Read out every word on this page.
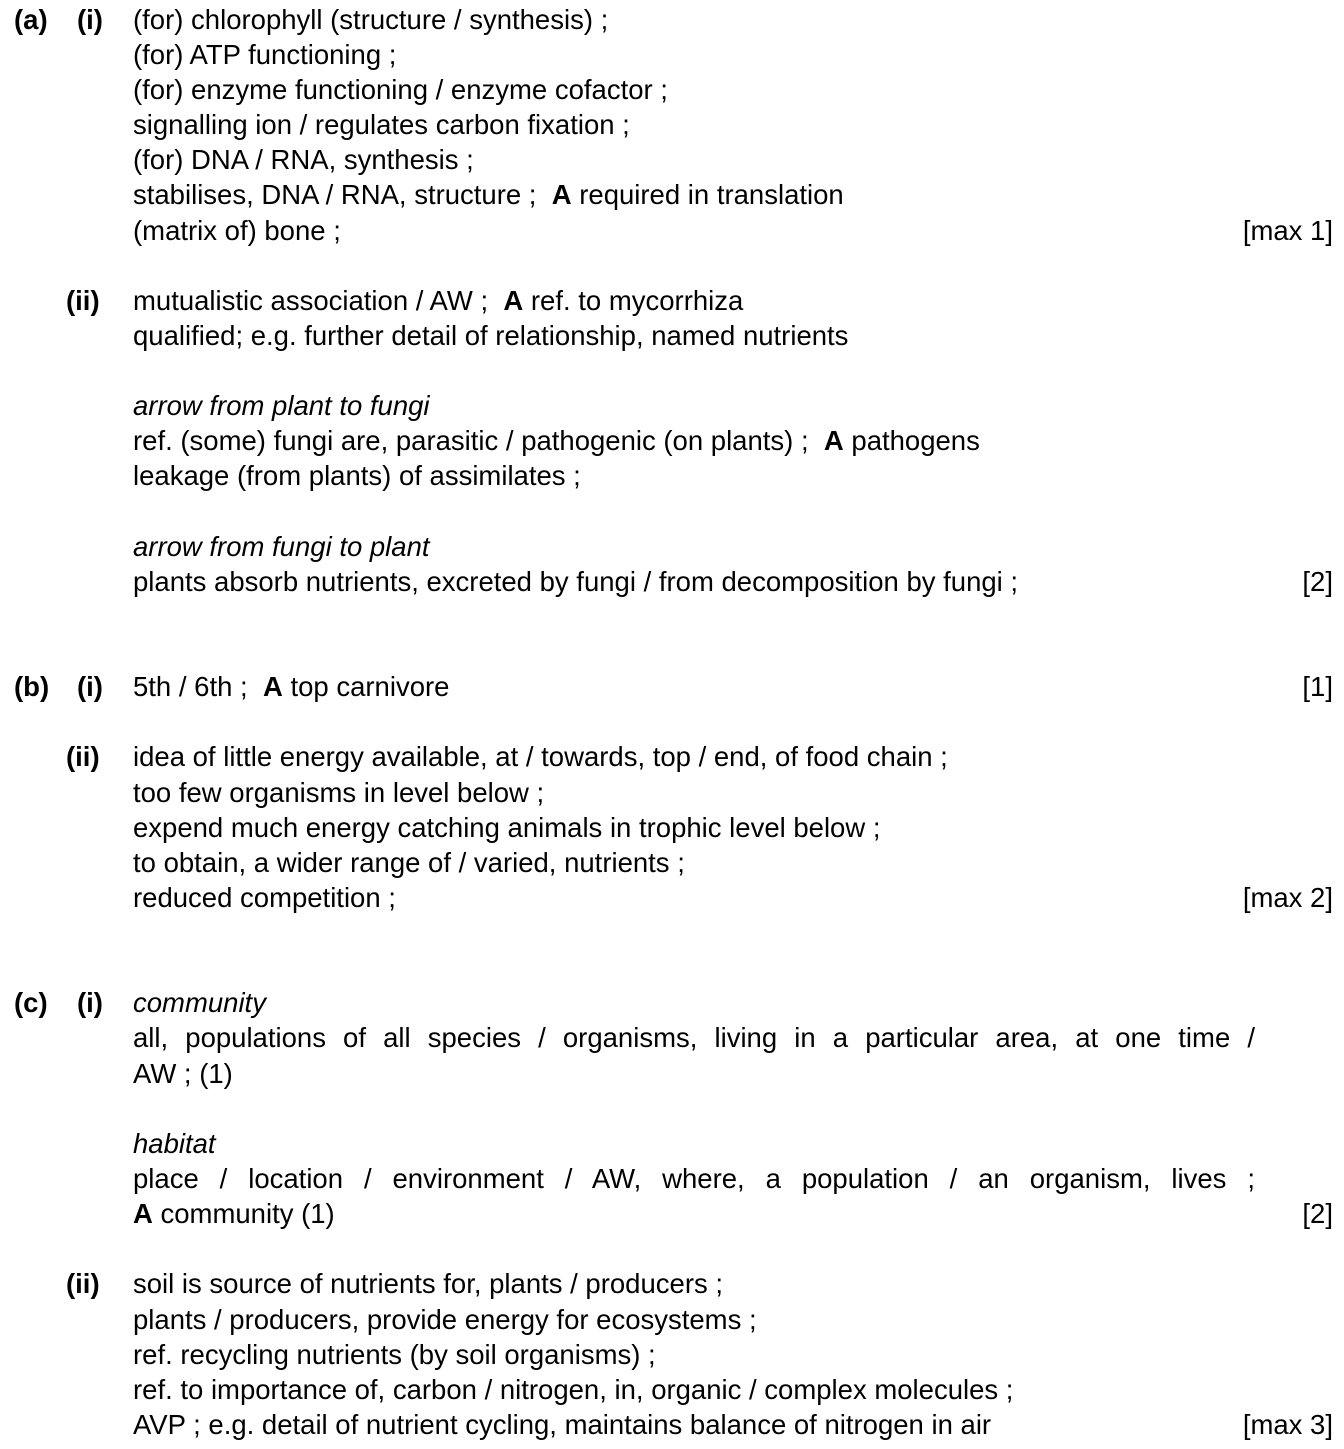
(a) (i) (for) chlorophyll (structure / synthesis) ;
(for) ATP functioning ;
(for) enzyme functioning / enzyme cofactor ;
signalling ion / regulates carbon fixation ;
(for) DNA / RNA, synthesis ;
stabilises, DNA / RNA, structure ; A required in translation
(matrix of) bone ;	[max 1]
(ii) mutualistic association / AW ; A ref. to mycorrhiza
qualified; e.g. further detail of relationship, named nutrients
arrow from plant to fungi
ref. (some) fungi are, parasitic / pathogenic (on plants) ; A pathogens
leakage (from plants) of assimilates ;
arrow from fungi to plant
plants absorb nutrients, excreted by fungi / from decomposition by fungi ;	[2]
(b) (i) 5th / 6th ; A top carnivore	[1]
(ii) idea of little energy available, at / towards, top / end, of food chain ;
too few organisms in level below ;
expend much energy catching animals in trophic level below ;
to obtain, a wider range of / varied, nutrients ;
reduced competition ;	[max 2]
(c) (i) community
all, populations of all species / organisms, living in a particular area, at one time /
AW ; (1)
habitat
place / location / environment / AW, where, a population / an organism, lives ;
A community (1)	[2]
(ii) soil is source of nutrients for, plants / producers ;
plants / producers, provide energy for ecosystems ;
ref. recycling nutrients (by soil organisms) ;
ref. to importance of, carbon / nitrogen, in, organic / complex molecules ;
AVP ; e.g. detail of nutrient cycling, maintains balance of nitrogen in air	[max 3]
